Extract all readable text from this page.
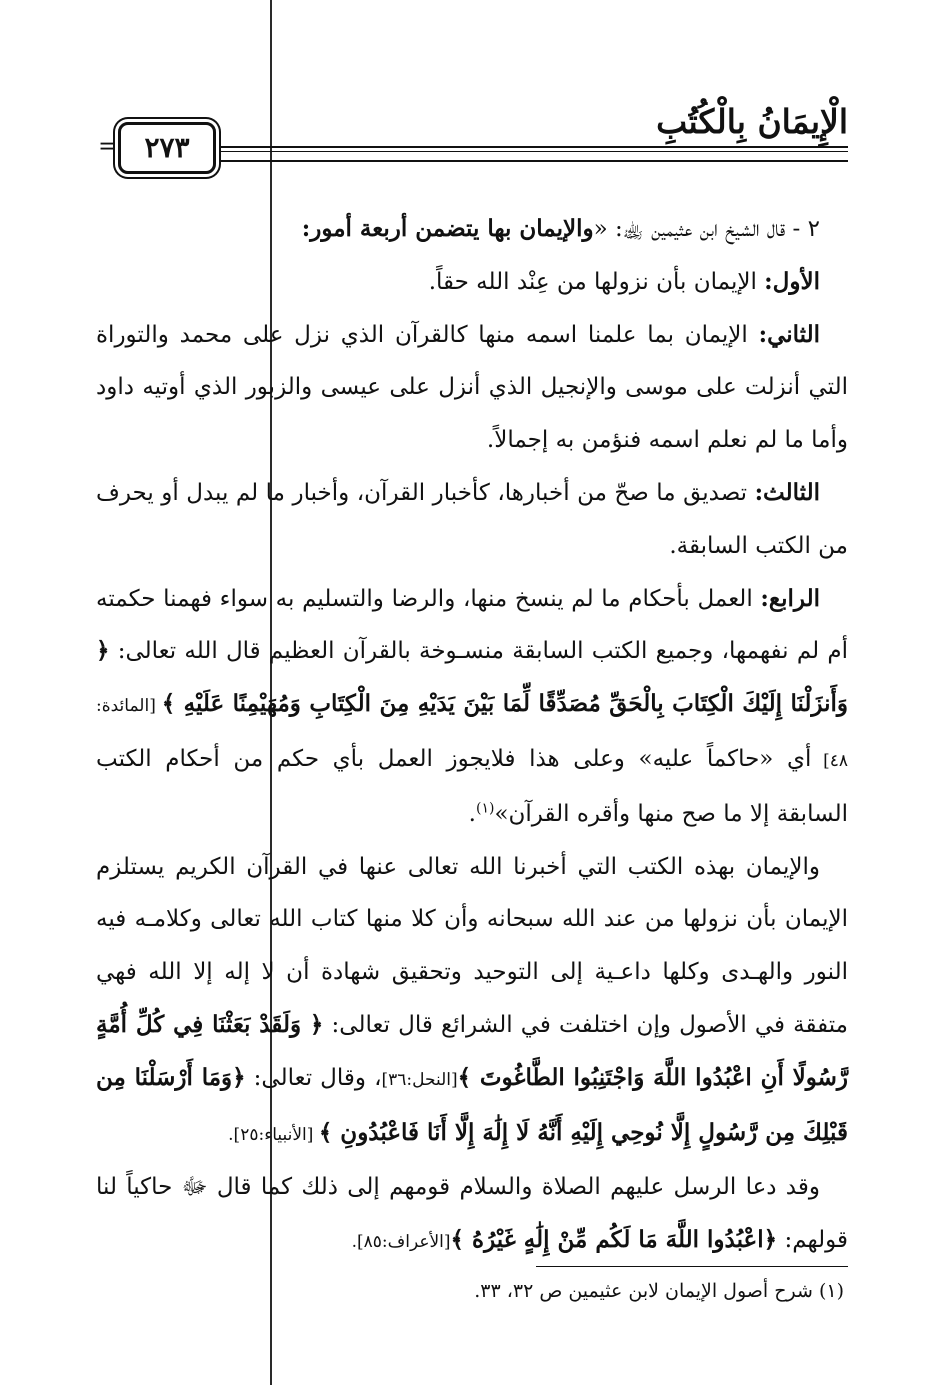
الْإِيمَانُ بِالْكُتُبِ
= ٢٧٣

٢ - قال الشيخ ابن عثيمين ﵀: «والإيمان بها يتضمن أربعة أمور:

الأول: الإيمان بأن نزولها من عِنْد الله حقاً.

الثاني: الإيمان بما علمنا اسمه منها كالقرآن الذي نزل على محمد والتوراة التي أنزلت على موسى والإنجيل الذي أنزل على عيسى والزبور الذي أوتيه داود وأما ما لم نعلم اسمه فنؤمن به إجمالاً.

الثالث: تصديق ما صحّ من أخبارها، كأخبار القرآن، وأخبار ما لم يبدل أو يحرف من الكتب السابقة.

الرابع: العمل بأحكام ما لم ينسخ منها، والرضا والتسليم به سواء فهمنا حكمته أم لم نفهمها، وجميع الكتب السابقة منسـوخة بالقرآن العظيم قال الله تعالى: ﴿ وَأَنزَلْنَا إِلَيْكَ الْكِتَابَ بِالْحَقِّ مُصَدِّقًا لِّمَا بَيْنَ يَدَيْهِ مِنَ الْكِتَابِ وَمُهَيْمِنًا عَلَيْهِ ﴾ [المائدة: ٤٨] أي «حاكماً عليه» وعلى هذا فلايجوز العمل بأي حكم من أحكام الكتب السابقة إلا ما صح منها وأقره القرآن»$^{(١)}$.

والإيمان بهذه الكتب التي أخبرنا الله تعالى عنها في القرآن الكريم يستلزم الإيمان بأن نزولها من عند الله سبحانه وأن كلا منها كتاب الله تعالى وكلامـه فيه النور والهـدى وكلها داعـية إلى التوحيد وتحقيق شهادة أن لا إله إلا الله فهي متفقة في الأصول وإن اختلفت في الشرائع قال تعالى: ﴿ وَلَقَدْ بَعَثْنَا فِي كُلِّ أُمَّةٍ رَّسُولًا أَنِ اعْبُدُوا اللَّهَ وَاجْتَنِبُوا الطَّاغُوتَ ﴾[النحل:٣٦]، وقال تعالى: ﴿وَمَا أَرْسَلْنَا مِن قَبْلِكَ مِن رَّسُولٍ إِلَّا نُوحِي إِلَيْهِ أَنَّهُ لَا إِلَٰهَ إِلَّا أَنَا فَاعْبُدُونِ ﴾ [الأنبياء:٢٥].

وقد دعا الرسل عليهم الصلاة والسلام قومهم إلى ذلك كما قال ﷻ حاكياً لنا قولهم: ﴿اعْبُدُوا اللَّهَ مَا لَكُم مِّنْ إِلَٰهٍ غَيْرُهُ ﴾[الأعراف:٨٥].

(١) شرح أصول الإيمان لابن عثيمين ص ٣٢، ٣٣.
